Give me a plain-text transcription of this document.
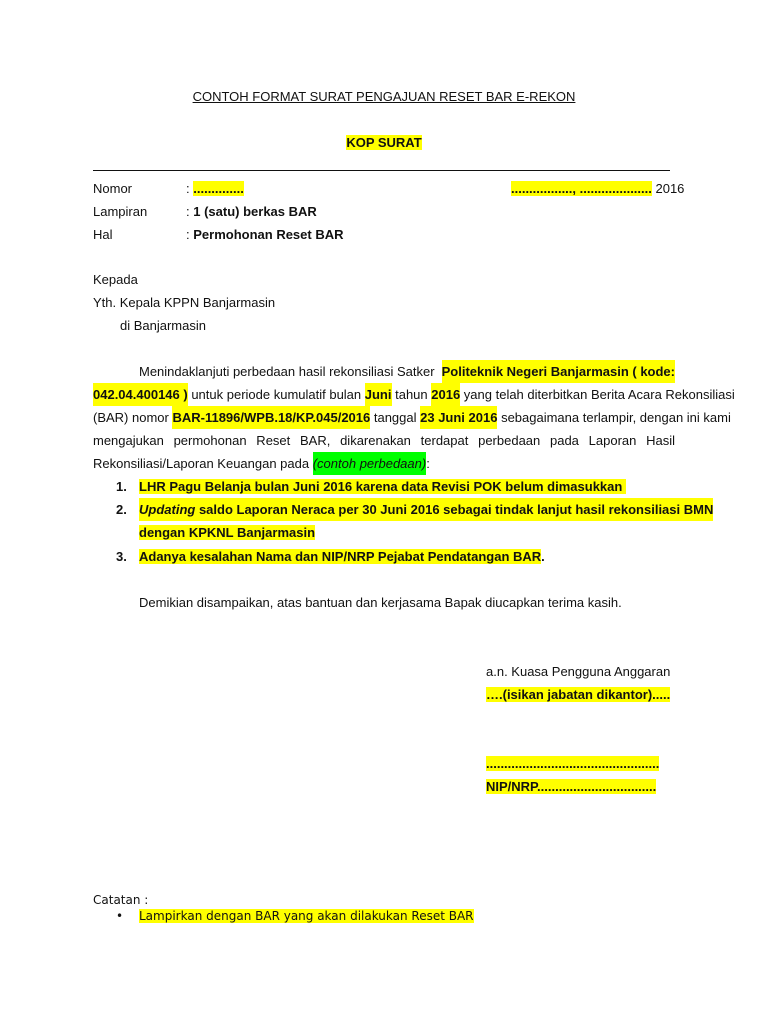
CONTOH FORMAT SURAT PENGAJUAN RESET BAR E-REKON
KOP SURAT
Nomor	: ..............	................., .................... 2016
Lampiran	: 1 (satu) berkas BAR
Hal	: Permohonan Reset BAR
Kepada
Yth. Kepala KPPN Banjarmasin
di Banjarmasin
Menindaklanjuti perbedaan hasil rekonsiliasi Satker Politeknik Negeri Banjarmasin ( kode:
042.04.400146 ) untuk periode kumulatif bulan Juni tahun 2016 yang telah diterbitkan Berita Acara Rekonsiliasi
(BAR) nomor BAR-11896/WPB.18/KP.045/2016 tanggal 23 Juni 2016 sebagaimana terlampir, dengan ini kami
mengajukan permohonan Reset BAR, dikarenakan terdapat perbedaan pada Laporan Hasil
Rekonsiliasi/Laporan Keuangan pada (contoh perbedaan) :
1. LHR Pagu Belanja bulan Juni 2016 karena data Revisi POK belum dimasukkan
2. Updating saldo Laporan Neraca per 30 Juni 2016 sebagai tindak lanjut hasil rekonsiliasi BMN
dengan KPKNL Banjarmasin
3. Adanya kesalahan Nama dan NIP/NRP Pejabat Pendatangan BAR.
Demikian disampaikan, atas bantuan dan kerjasama Bapak diucapkan terima kasih.
a.n. Kuasa Pengguna Anggaran
….(isikan jabatan dikantor).....
................................................
NIP/NRP.................................
Catatan :
• Lampirkan dengan BAR yang akan dilakukan Reset BAR
